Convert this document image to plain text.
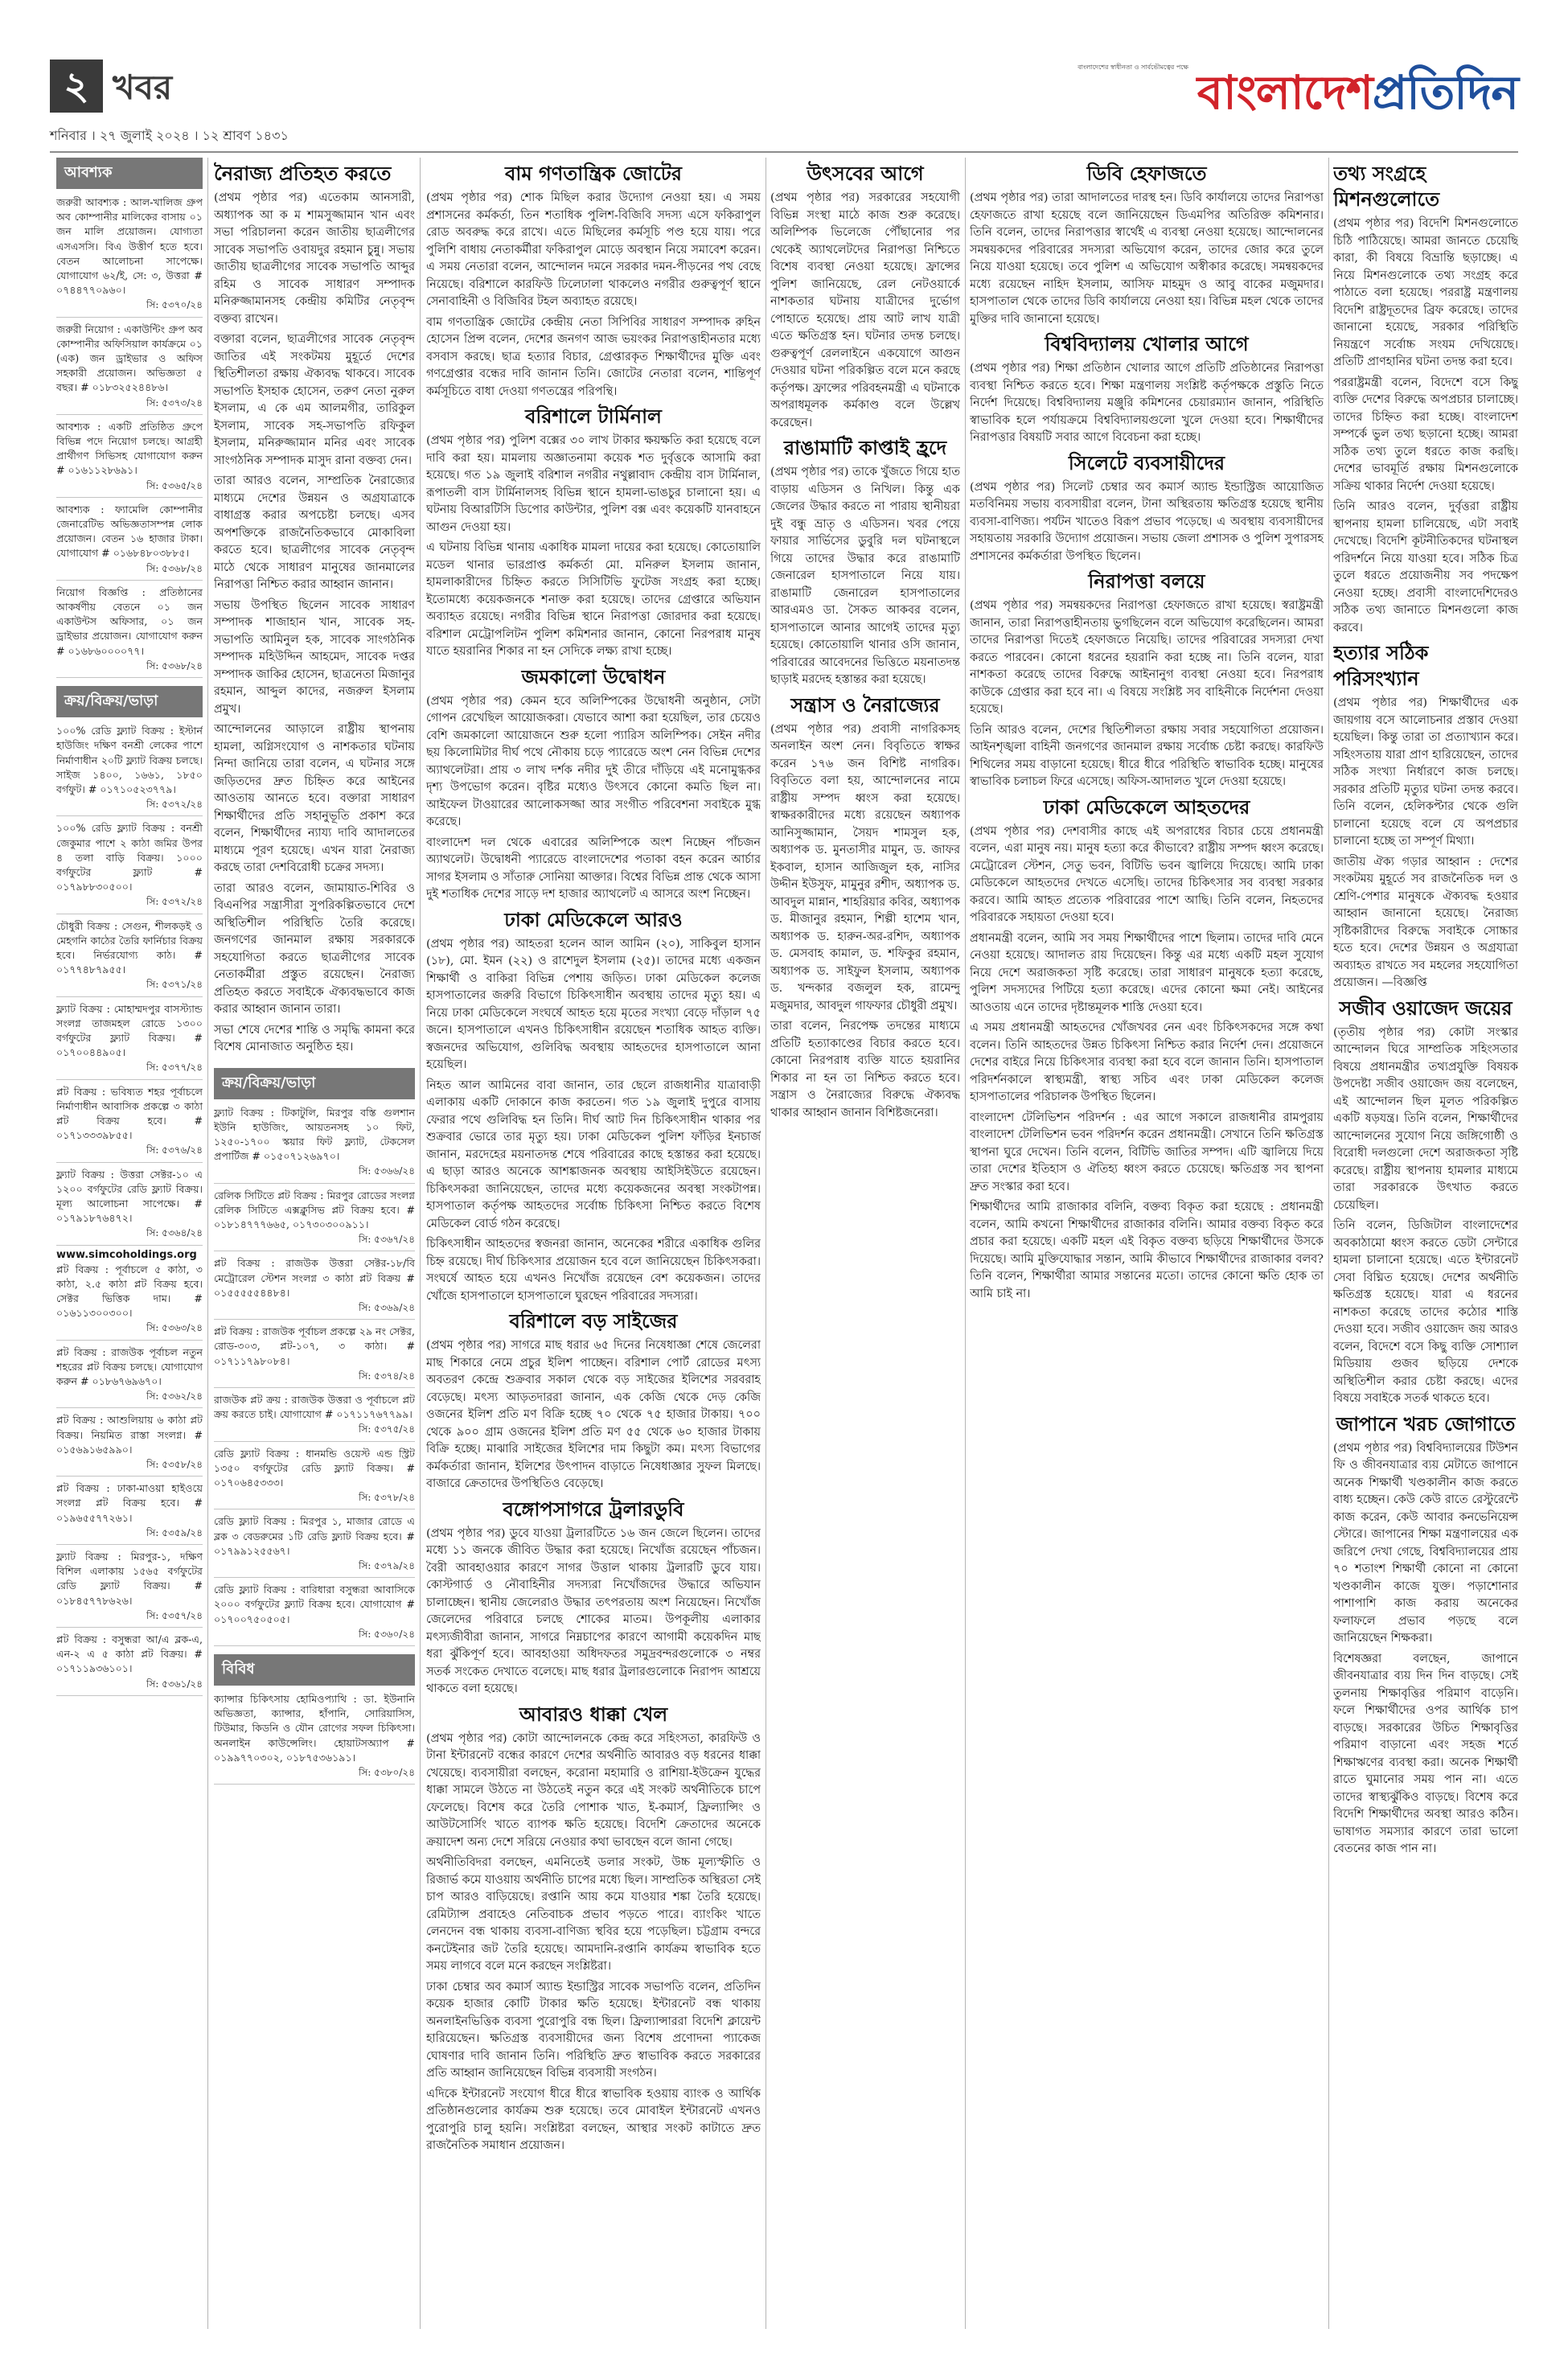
২ খবর
শনিবার । ২৭ জুলাই ২০২৪ । ১২ শ্রাবণ ১৪৩১
বাংলাদেশের স্বাধীনতা ও সার্বভৌমত্বের পক্ষে বাংলাদেশপ্রতিদিন
আবশ্যক
জরুরী আবশ্যক : আল-খালিজ গ্রুপ অব কোম্পানীর মালিকের বাসায় ০১ জন মালি প্রয়োজন। যোগ্যতা এসএসসি। বিএ উত্তীর্ণ হতে হবে। বেতন আলোচনা সাপেক্ষে। যোগাযোগ ৬২/ই, সে: ৩, উত্তরা # ০৭৪৪৭৭০৯৬০।
সি: ৫৩৭০/২৪
জরুরী নিয়োগ : একাউন্টিং গ্রুপ অব কোম্পানীর অফিসিয়াল কার্যক্রমে ০১ (এক) জন ড্রাইভার ও অফিস সহকারী প্রয়োজন। অভিজ্ঞতা ৫ বছর। # ০১৮৩২৫২৪৪৮৬।
সি: ৫৩৭৩/২৪
আবশ্যক : একটি প্রতিষ্ঠিত গ্রুপে বিভিন্ন পদে নিয়োগ চলছে। আগ্রহী প্রার্থীগণ সিভিসহ যোগাযোগ করুন # ০১৬১১২৮৬৯১।
সি: ৫৩৬৫/২৪
আবশ্যক : ফ্যামেলি কোম্পানীর জেনারেটিভ অভিজ্ঞতাসম্পন্ন লোক প্রয়োজন। বেতন ১৬ হাজার টাকা। যোগাযোগ # ০১৬৮৪৮০৩৮৮৫।
সি: ৫৩৬৮/২৪
নিয়োগ বিজ্ঞপ্তি : প্রতিষ্ঠানের আকর্ষণীয় বেতনে ০১ জন একাউন্টস অফিসার, ০১ জন ড্রাইভার প্রয়োজন। যোগাযোগ করুন # ০১৬৮৬০০০০৭৭।
সি: ৫৩৬৮/২৪
ক্রয়/বিক্রয়/ভাড়া
১০০% রেডি ফ্ল্যাট বিক্রয় : ইস্টার্ন হাউজিং দক্ষিণ বনশ্রী লেকের পাশে নির্মাণাধীন ২০টি ফ্ল্যাট বিক্রয় চলছে। সাইজ ১৪০০, ১৬৬১, ১৮৫০ বর্গফুট। # ০১৭১০৫২৩৭৭৯।
সি: ৫৩৭২/২৪
১০০% রেডি ফ্ল্যাট বিক্রয় : বনশ্রী জেকুমার পাশে ২ কাঠা জমির উপর ৪ তলা বাড়ি বিক্রয়। ১০০০ বর্গফুটের ফ্ল্যাট # ০১৭৯৮৮৩০৫০০।
সি: ৫৩৭২/২৪
চৌধুরী বিক্রয় : সেগুন, শীলকড়ই ও মেহগনি কাঠের তৈরি ফার্নিচার বিক্রয় হবে। নির্ভরযোগ্য কাঠ। # ০১৭৭৪৮৭৯৫৫।
সি: ৫৩৭১/২৪
ফ্ল্যাট বিক্রয় : মোহাম্মদপুর বাসস্ট্যান্ড সংলগ্ন তাজমহল রোডে ১৩০০ বর্গফুটের ফ্ল্যাট বিক্রয়। # ০১৭০০৪৪৯০৫।
সি: ৫৩৭৭/২৪
প্লট বিক্রয় : ভবিষ্যত শহর পূর্বাচলে নির্মাণাধীন আবাসিক প্রকল্পে ৩ কাঠা প্লট বিক্রয় হবে। # ০১৭১৩৩৩৯৮৫৫।
সি: ৫৩৭৬/২৪
ফ্ল্যাট বিক্রয় : উত্তরা সেক্টর-১০ এ ১২০০ বর্গফুটের রেডি ফ্ল্যাট বিক্রয়। মূল্য আলোচনা সাপেক্ষে। # ০১৭৯১৮৭৬৪৭২।
সি: ৫৩৬৪/২৪
www.simcoholdings.org
প্লট বিক্রয় : পূর্বাচলে ৫ কাঠা, ৩ কাঠা, ২.৫ কাঠা প্লট বিক্রয় হবে। সেক্টর ভিত্তিক দাম। # ০১৬১১৩০০৩০০।
সি: ৫৩৬৩/২৪
প্লট বিক্রয় : রাজউক পূর্বাচল নতুন শহরের প্লট বিক্রয় চলছে। যোগাযোগ করুন # ০১৮৬৭৬৯৬৭০।
সি: ৫৩৬২/২৪
প্লট বিক্রয় : আশুলিয়ায় ৬ কাঠা প্লট বিক্রয়। নিয়মিত রাস্তা সংলগ্ন। # ০১৫৬৯১৬৫৯৯০।
সি: ৫৩৫৮/২৪
প্লট বিক্রয় : ঢাকা-মাওয়া হাইওয়ে সংলগ্ন প্লট বিক্রয় হবে। # ০১৯৬৫৫৭৭২৬১।
সি: ৫৩৫৯/২৪
ফ্ল্যাট বিক্রয় : মিরপুর-১, দক্ষিণ বিশিল এলাকায় ১৫৬৫ বর্গফুটের রেডি ফ্ল্যাট বিক্রয়। # ০১৮৪৫৭৭৮৬২৬।
সি: ৫৩৫৭/২৪
প্লট বিক্রয় : বসুন্ধরা আ/এ ব্লক-এ, এন-২ এ ৫ কাঠা প্লট বিক্রয়। # ০১৭১১৯৩৬১০১।
সি: ৫৩৬১/২৪
নৈরাজ্য প্রতিহত করতে

(প্রথম পৃষ্ঠার পর) এতেকাম আনসারী, অধ্যাপক আ ক ম শামসুজ্জামান খান এবং সভা পরিচালনা করেন জাতীয় ছাত্রলীগের সাবেক সভাপতি ওবায়দুর রহমান চুন্নু। সভায় জাতীয় ছাত্রলীগের সাবেক সভাপতি আব্দুর রহিম ও সাবেক সাধারণ সম্পাদক মনিরুজ্জামানসহ কেন্দ্রীয় কমিটির নেতৃবৃন্দ বক্তব্য রাখেন।

বক্তারা বলেন, ছাত্রলীগের সাবেক নেতৃবৃন্দ জাতির এই সংকটময় মুহূর্তে দেশের স্থিতিশীলতা রক্ষায় ঐক্যবদ্ধ থাকবে। সাবেক সভাপতি ইসহাক হোসেন, তরুণ নেতা নুরুল ইসলাম, এ কে এম আলমগীর, তারিকুল ইসলাম, সাবেক সহ-সভাপতি রফিকুল ইসলাম, মনিরুজ্জামান মনির এবং সাবেক সাংগঠনিক সম্পাদক মাসুদ রানা বক্তব্য দেন।

তারা আরও বলেন, সাম্প্রতিক নৈরাজ্যের মাধ্যমে দেশের উন্নয়ন ও অগ্রযাত্রাকে বাধাগ্রস্ত করার অপচেষ্টা চলছে। এসব অপশক্তিকে রাজনৈতিকভাবে মোকাবিলা করতে হবে। ছাত্রলীগের সাবেক নেতৃবৃন্দ মাঠে থেকে সাধারণ মানুষের জানমালের নিরাপত্তা নিশ্চিত করার আহ্বান জানান।

সভায় উপস্থিত ছিলেন সাবেক সাধারণ সম্পাদক শাজাহান খান, সাবেক সহ-সভাপতি আমিনুল হক, সাবেক সাংগঠনিক সম্পাদক মহিউদ্দিন আহমেদ, সাবেক দপ্তর সম্পাদক জাকির হোসেন, ছাত্রনেতা মিজানুর রহমান, আব্দুল কাদের, নজরুল ইসলাম প্রমুখ।

আন্দোলনের আড়ালে রাষ্ট্রীয় স্থাপনায় হামলা, অগ্নিসংযোগ ও নাশকতার ঘটনায় নিন্দা জানিয়ে তারা বলেন, এ ঘটনার সঙ্গে জড়িতদের দ্রুত চিহ্নিত করে আইনের আওতায় আনতে হবে। বক্তারা সাধারণ শিক্ষার্থীদের প্রতি সহানুভূতি প্রকাশ করে বলেন, শিক্ষার্থীদের ন্যায্য দাবি আদালতের মাধ্যমে পূরণ হয়েছে। এখন যারা নৈরাজ্য করছে তারা দেশবিরোধী চক্রের সদস্য।

তারা আরও বলেন, জামায়াত-শিবির ও বিএনপির সন্ত্রাসীরা সুপরিকল্পিতভাবে দেশে অস্থিতিশীল পরিস্থিতি তৈরি করেছে। জনগণের জানমাল রক্ষায় সরকারকে সহযোগিতা করতে ছাত্রলীগের সাবেক নেতাকর্মীরা প্রস্তুত রয়েছেন। নৈরাজ্য প্রতিহত করতে সবাইকে ঐক্যবদ্ধভাবে কাজ করার আহ্বান জানান তারা।

সভা শেষে দেশের শান্তি ও সমৃদ্ধি কামনা করে বিশেষ মোনাজাত অনুষ্ঠিত হয়।

ক্রয়/বিক্রয়/ভাড়া
ফ্ল্যাট বিক্রয় : টিকাটুলি, মিরপুর বস্তি গুলশান ইউনি হাউজিং, আয়তনসহ ১০ ফিট, ১২৫০-১৭০০ স্কয়ার ফিট ফ্ল্যাট, টেকসেল প্রপার্টিজ # ০১৫০৭১২৬৯৭০।
সি: ৫৩৬৬/২৪
রেলিক সিটিতে প্লট বিক্রয় : মিরপুর রোডের সংলগ্ন রেলিক সিটিতে এক্সক্লুসিভ প্লট বিক্রয় হবে। # ০১৮১৪৭৭৭৬৬৫, ০১৭৩০৩০০৯১১।
সি: ৫৩৬৭/২৪
প্লট বিক্রয় : রাজউক উত্তরা সেক্টর-১৮/বি মেট্রোরেল স্টেশন সংলগ্ন ৩ কাঠা প্লট বিক্রয় # ০১৫৫৫৫৫৪৪৮৪।
সি: ৫৩৬৯/২৪
প্লট বিক্রয় : রাজউক পূর্বাচল প্রকল্পে ২৯ নং সেক্টর, রোড-৩০৩, প্লট-১০৭, ৩ কাঠা। # ০১৭১১৭৯৮০৮৪।
সি: ৫৩৭৪/২৪
রাজউক প্লট ক্রয় : রাজউক উত্তরা ও পূর্বাচলে প্লট ক্রয় করতে চাই। যোগাযোগ # ০১৭১১৭৬৭৭৯৯।
সি: ৫৩৭৫/২৪
রেডি ফ্ল্যাট বিক্রয় : ধানমন্ডি ওয়েস্ট এন্ড স্ট্রিট ১৩৫০ বর্গফুটের রেডি ফ্ল্যাট বিক্রয়। # ০১৭০৬৪৫৩৩৩।
সি: ৫৩৭৮/২৪
রেডি ফ্ল্যাট বিক্রয় : মিরপুর ১, মাজার রোডে এ ব্লক ৩ বেডরুমের ১টি রেডি ফ্ল্যাট বিক্রয় হবে। # ০১৭৯৯১২৫৫৬৭।
সি: ৫৩৭৯/২৪
রেডি ফ্ল্যাট বিক্রয় : বারিধারা বসুন্ধরা আবাসিকে ২০০০ বর্গফুটের ফ্ল্যাট বিক্রয় হবে। যোগাযোগ # ০১৭০০৭৫০৫০৫।
সি: ৫৩৬০/২৪
বিবিধ
ক্যান্সার চিকিৎসায় হোমিওপ্যাথি : ডা. ইউনানি অভিজ্ঞতা, ক্যান্সার, হাঁপানি, সোরিয়াসিস, টিউমার, কিডনি ও যৌন রোগের সফল চিকিৎসা। অনলাইন কাউন্সেলিং। হোয়াটসঅ্যাপ # ০১৯৯৭৭০৩০২, ০১৮৭৫৩৬১৯১।
সি: ৫৩৮০/২৪
বাম গণতান্ত্রিক জোটের

(প্রথম পৃষ্ঠার পর) শোক মিছিল করার উদ্যোগ নেওয়া হয়। এ সময় প্রশাসনের কর্মকর্তা, তিন শতাধিক পুলিশ-বিজিবি সদস্য এসে ফকিরাপুল রোড অবরুদ্ধ করে রাখে। এতে মিছিলের কর্মসূচি পণ্ড হয়ে যায়। পরে পুলিশি বাধায় নেতাকর্মীরা ফকিরাপুল মোড়ে অবস্থান নিয়ে সমাবেশ করেন। এ সময় নেতারা বলেন, আন্দোলন দমনে সরকার দমন-পীড়নের পথ বেছে নিয়েছে। বরিশালে কারফিউ ঢিলেঢালা থাকলেও নগরীর গুরুত্বপূর্ণ স্থানে সেনাবাহিনী ও বিজিবির টহল অব্যাহত রয়েছে।

বাম গণতান্ত্রিক জোটের কেন্দ্রীয় নেতা সিপিবির সাধারণ সম্পাদক রুহিন হোসেন প্রিন্স বলেন, দেশের জনগণ আজ ভয়ংকর নিরাপত্তাহীনতার মধ্যে বসবাস করছে। ছাত্র হত্যার বিচার, গ্রেপ্তারকৃত শিক্ষার্থীদের মুক্তি এবং গণগ্রেপ্তার বন্ধের দাবি জানান তিনি। জোটের নেতারা বলেন, শান্তিপূর্ণ কর্মসূচিতে বাধা দেওয়া গণতন্ত্রের পরিপন্থি।

বরিশালে টার্মিনাল

(প্রথম পৃষ্ঠার পর) পুলিশ বক্সের ৩০ লাখ টাকার ক্ষয়ক্ষতি করা হয়েছে বলে দাবি করা হয়। মামলায় অজ্ঞাতনামা কয়েক শত দুর্বৃত্তকে আসামি করা হয়েছে। গত ১৯ জুলাই বরিশাল নগরীর নথুল্লাবাদ কেন্দ্রীয় বাস টার্মিনাল, রূপাতলী বাস টার্মিনালসহ বিভিন্ন স্থানে হামলা-ভাঙচুর চালানো হয়। এ ঘটনায় বিআরটিসি ডিপোর কাউন্টার, পুলিশ বক্স এবং কয়েকটি যানবাহনে আগুন দেওয়া হয়।

এ ঘটনায় বিভিন্ন থানায় একাধিক মামলা দায়ের করা হয়েছে। কোতোয়ালি মডেল থানার ভারপ্রাপ্ত কর্মকর্তা মো. মনিরুল ইসলাম জানান, হামলাকারীদের চিহ্নিত করতে সিসিটিভি ফুটেজ সংগ্রহ করা হচ্ছে। ইতোমধ্যে কয়েকজনকে শনাক্ত করা হয়েছে। তাদের গ্রেপ্তারে অভিযান অব্যাহত রয়েছে। নগরীর বিভিন্ন স্থানে নিরাপত্তা জোরদার করা হয়েছে। বরিশাল মেট্রোপলিটন পুলিশ কমিশনার জানান, কোনো নিরপরাধ মানুষ যাতে হয়রানির শিকার না হন সেদিকে লক্ষ্য রাখা হচ্ছে।

জমকালো উদ্বোধন

(প্রথম পৃষ্ঠার পর) কেমন হবে অলিম্পিকের উদ্বোধনী অনুষ্ঠান, সেটা গোপন রেখেছিল আয়োজকরা। যেভাবে আশা করা হয়েছিল, তার চেয়েও বেশি জমকালো আয়োজনে শুরু হলো প্যারিস অলিম্পিক। সেইন নদীর ছয় কিলোমিটার দীর্ঘ পথে নৌকায় চড়ে প্যারেডে অংশ নেন বিভিন্ন দেশের অ্যাথলেটরা। প্রায় ৩ লাখ দর্শক নদীর দুই তীরে দাঁড়িয়ে এই মনোমুগ্ধকর দৃশ্য উপভোগ করেন। বৃষ্টির মধ্যেও উৎসবে কোনো কমতি ছিল না। আইফেল টাওয়ারের আলোকসজ্জা আর সংগীত পরিবেশনা সবাইকে মুগ্ধ করেছে।

বাংলাদেশ দল থেকে এবারের অলিম্পিকে অংশ নিচ্ছেন পাঁচজন অ্যাথলেট। উদ্বোধনী প্যারেডে বাংলাদেশের পতাকা বহন করেন আর্চার সাগর ইসলাম ও সাঁতারু সোনিয়া আক্তার। বিশ্বের বিভিন্ন প্রান্ত থেকে আসা দুই শতাধিক দেশের সাড়ে দশ হাজার অ্যাথলেট এ আসরে অংশ নিচ্ছেন।

ঢাকা মেডিকেলে আরও

(প্রথম পৃষ্ঠার পর) আহতরা হলেন আল আমিন (২০), সাকিবুল হাসান (১৮), মো. ইমন (২২) ও রাশেদুল ইসলাম (২৫)। তাদের মধ্যে একজন শিক্ষার্থী ও বাকিরা বিভিন্ন পেশায় জড়িত। ঢাকা মেডিকেল কলেজ হাসপাতালের জরুরি বিভাগে চিকিৎসাধীন অবস্থায় তাদের মৃত্যু হয়। এ নিয়ে ঢাকা মেডিকেলে সংঘর্ষে আহত হয়ে মৃতের সংখ্যা বেড়ে দাঁড়াল ৭৫ জনে। হাসপাতালে এখনও চিকিৎসাধীন রয়েছেন শতাধিক আহত ব্যক্তি। স্বজনদের অভিযোগ, গুলিবিদ্ধ অবস্থায় আহতদের হাসপাতালে আনা হয়েছিল।

নিহত আল আমিনের বাবা জানান, তার ছেলে রাজধানীর যাত্রাবাড়ী এলাকায় একটি দোকানে কাজ করতেন। গত ১৯ জুলাই দুপুরে বাসায় ফেরার পথে গুলিবিদ্ধ হন তিনি। দীর্ঘ আট দিন চিকিৎসাধীন থাকার পর শুক্রবার ভোরে তার মৃত্যু হয়। ঢাকা মেডিকেল পুলিশ ফাঁড়ির ইনচার্জ জানান, মরদেহের ময়নাতদন্ত শেষে পরিবারের কাছে হস্তান্তর করা হয়েছে। এ ছাড়া আরও অনেকে আশঙ্কাজনক অবস্থায় আইসিইউতে রয়েছেন। চিকিৎসকরা জানিয়েছেন, তাদের মধ্যে কয়েকজনের অবস্থা সংকটাপন্ন। হাসপাতাল কর্তৃপক্ষ আহতদের সর্বোচ্চ চিকিৎসা নিশ্চিত করতে বিশেষ মেডিকেল বোর্ড গঠন করেছে।

চিকিৎসাধীন আহতদের স্বজনরা জানান, অনেকের শরীরে একাধিক গুলির চিহ্ন রয়েছে। দীর্ঘ চিকিৎসার প্রয়োজন হবে বলে জানিয়েছেন চিকিৎসকরা। সংঘর্ষে আহত হয়ে এখনও নিখোঁজ রয়েছেন বেশ কয়েকজন। তাদের খোঁজে হাসপাতালে হাসপাতালে ঘুরছেন পরিবারের সদস্যরা।

বরিশালে বড় সাইজের

(প্রথম পৃষ্ঠার পর) সাগরে মাছ ধরার ৬৫ দিনের নিষেধাজ্ঞা শেষে জেলেরা মাছ শিকারে নেমে প্রচুর ইলিশ পাচ্ছেন। বরিশাল পোর্ট রোডের মৎস্য অবতরণ কেন্দ্রে শুক্রবার সকাল থেকে বড় সাইজের ইলিশের সরবরাহ বেড়েছে। মৎস্য আড়তদাররা জানান, এক কেজি থেকে দেড় কেজি ওজনের ইলিশ প্রতি মণ বিক্রি হচ্ছে ৭০ থেকে ৭৫ হাজার টাকায়। ৭০০ থেকে ৯০০ গ্রাম ওজনের ইলিশ প্রতি মণ ৫৫ থেকে ৬০ হাজার টাকায় বিক্রি হচ্ছে। মাঝারি সাইজের ইলিশের দাম কিছুটা কম। মৎস্য বিভাগের কর্মকর্তারা জানান, ইলিশের উৎপাদন বাড়াতে নিষেধাজ্ঞার সুফল মিলছে। বাজারে ক্রেতাদের উপস্থিতিও বেড়েছে।

বঙ্গোপসাগরে ট্রলারডুবি

(প্রথম পৃষ্ঠার পর) ডুবে যাওয়া ট্রলারটিতে ১৬ জন জেলে ছিলেন। তাদের মধ্যে ১১ জনকে জীবিত উদ্ধার করা হয়েছে। নিখোঁজ রয়েছেন পাঁচজন। বৈরী আবহাওয়ার কারণে সাগর উত্তাল থাকায় ট্রলারটি ডুবে যায়। কোস্টগার্ড ও নৌবাহিনীর সদস্যরা নিখোঁজদের উদ্ধারে অভিযান চালাচ্ছেন। স্থানীয় জেলেরাও উদ্ধার তৎপরতায় অংশ নিয়েছেন। নিখোঁজ জেলেদের পরিবারে চলছে শোকের মাতম। উপকূলীয় এলাকার মৎস্যজীবীরা জানান, সাগরে নিম্নচাপের কারণে আগামী কয়েকদিন মাছ ধরা ঝুঁকিপূর্ণ হবে। আবহাওয়া অধিদফতর সমুদ্রবন্দরগুলোকে ৩ নম্বর সতর্ক সংকেত দেখাতে বলেছে। মাছ ধরার ট্রলারগুলোকে নিরাপদ আশ্রয়ে থাকতে বলা হয়েছে।

আবারও ধাক্কা খেল

(প্রথম পৃষ্ঠার পর) কোটা আন্দোলনকে কেন্দ্র করে সহিংসতা, কারফিউ ও টানা ইন্টারনেট বন্ধের কারণে দেশের অর্থনীতি আবারও বড় ধরনের ধাক্কা খেয়েছে। ব্যবসায়ীরা বলছেন, করোনা মহামারি ও রাশিয়া-ইউক্রেন যুদ্ধের ধাক্কা সামলে উঠতে না উঠতেই নতুন করে এই সংকট অর্থনীতিকে চাপে ফেলেছে। বিশেষ করে তৈরি পোশাক খাত, ই-কমার্স, ফ্রিল্যান্সিং ও আউটসোর্সিং খাতে ব্যাপক ক্ষতি হয়েছে। বিদেশি ক্রেতাদের অনেকে ক্রয়াদেশ অন্য দেশে সরিয়ে নেওয়ার কথা ভাবছেন বলে জানা গেছে।

অর্থনীতিবিদরা বলছেন, এমনিতেই ডলার সংকট, উচ্চ মূল্যস্ফীতি ও রিজার্ভ কমে যাওয়ায় অর্থনীতি চাপের মধ্যে ছিল। সাম্প্রতিক অস্থিরতা সেই চাপ আরও বাড়িয়েছে। রপ্তানি আয় কমে যাওয়ার শঙ্কা তৈরি হয়েছে। রেমিট্যান্স প্রবাহেও নেতিবাচক প্রভাব পড়তে পারে। ব্যাংকিং খাতে লেনদেন বন্ধ থাকায় ব্যবসা-বাণিজ্য স্থবির হয়ে পড়েছিল। চট্টগ্রাম বন্দরে কনটেইনার জট তৈরি হয়েছে। আমদানি-রপ্তানি কার্যক্রম স্বাভাবিক হতে সময় লাগবে বলে মনে করছেন সংশ্লিষ্টরা।

ঢাকা চেম্বার অব কমার্স অ্যান্ড ইন্ডাস্ট্রির সাবেক সভাপতি বলেন, প্রতিদিন কয়েক হাজার কোটি টাকার ক্ষতি হয়েছে। ইন্টারনেট বন্ধ থাকায় অনলাইনভিত্তিক ব্যবসা পুরোপুরি বন্ধ ছিল। ফ্রিল্যান্সাররা বিদেশি ক্লায়েন্ট হারিয়েছেন। ক্ষতিগ্রস্ত ব্যবসায়ীদের জন্য বিশেষ প্রণোদনা প্যাকেজ ঘোষণার দাবি জানান তিনি। পরিস্থিতি দ্রুত স্বাভাবিক করতে সরকারের প্রতি আহ্বান জানিয়েছেন বিভিন্ন ব্যবসায়ী সংগঠন।

এদিকে ইন্টারনেট সংযোগ ধীরে ধীরে স্বাভাবিক হওয়ায় ব্যাংক ও আর্থিক প্রতিষ্ঠানগুলোর কার্যক্রম শুরু হয়েছে। তবে মোবাইল ইন্টারনেট এখনও পুরোপুরি চালু হয়নি। সংশ্লিষ্টরা বলছেন, আস্থার সংকট কাটাতে দ্রুত রাজনৈতিক সমাধান প্রয়োজন।

উৎসবের আগে

(প্রথম পৃষ্ঠার পর) সরকারের সহযোগী বিভিন্ন সংস্থা মাঠে কাজ শুরু করেছে। অলিম্পিক ভিলেজে পৌঁছানোর পর থেকেই অ্যাথলেটদের নিরাপত্তা নিশ্চিতে বিশেষ ব্যবস্থা নেওয়া হয়েছে। ফ্রান্সের পুলিশ জানিয়েছে, রেল নেটওয়ার্কে নাশকতার ঘটনায় যাত্রীদের দুর্ভোগ পোহাতে হয়েছে। প্রায় আট লাখ যাত্রী এতে ক্ষতিগ্রস্ত হন। ঘটনার তদন্ত চলছে। গুরুত্বপূর্ণ রেললাইনে একযোগে আগুন দেওয়ার ঘটনা পরিকল্পিত বলে মনে করছে কর্তৃপক্ষ। ফ্রান্সের পরিবহনমন্ত্রী এ ঘটনাকে অপরাধমূলক কর্মকাণ্ড বলে উল্লেখ করেছেন।

রাঙামাটি কাপ্তাই হ্রদে

(প্রথম পৃষ্ঠার পর) তাকে খুঁজতে গিয়ে হাত বাড়ায় এডিসন ও নিখিল। কিন্তু এক জেলের উদ্ধার করতে না পারায় স্থানীয়রা দুই বন্ধু ভ্রাতৃ ও এডিসন। খবর পেয়ে ফায়ার সার্ভিসের ডুবুরি দল ঘটনাস্থলে গিয়ে তাদের উদ্ধার করে রাঙামাটি জেনারেল হাসপাতালে নিয়ে যায়। রাঙামাটি জেনারেল হাসপাতালের আরএমও ডা. সৈকত আকবর বলেন, হাসপাতালে আনার আগেই তাদের মৃত্যু হয়েছে। কোতোয়ালি থানার ওসি জানান, পরিবারের আবেদনের ভিত্তিতে ময়নাতদন্ত ছাড়াই মরদেহ হস্তান্তর করা হয়েছে।

সন্ত্রাস ও নৈরাজ্যের

(প্রথম পৃষ্ঠার পর) প্রবাসী নাগরিকসহ অনলাইন অংশ নেন। বিবৃতিতে স্বাক্ষর করেন ১৭৬ জন বিশিষ্ট নাগরিক। বিবৃতিতে বলা হয়, আন্দোলনের নামে রাষ্ট্রীয় সম্পদ ধ্বংস করা হয়েছে। স্বাক্ষরকারীদের মধ্যে রয়েছেন অধ্যাপক আনিসুজ্জামান, সৈয়দ শামসুল হক, অধ্যাপক ড. মুনতাসীর মামুন, ড. জাফর ইকবাল, হাসান আজিজুল হক, নাসির উদ্দীন ইউসুফ, মামুনুর রশীদ, অধ্যাপক ড. আবদুল মান্নান, শাহরিয়ার কবির, অধ্যাপক ড. মীজানুর রহমান, শিল্পী হাশেম খান, অধ্যাপক ড. হারুন-অর-রশিদ, অধ্যাপক ড. মেসবাহ কামাল, ড. শফিকুর রহমান, অধ্যাপক ড. সাইফুল ইসলাম, অধ্যাপক ড. খন্দকার বজলুল হক, রামেন্দু মজুমদার, আবদুল গাফফার চৌধুরী প্রমুখ।

তারা বলেন, নিরপেক্ষ তদন্তের মাধ্যমে প্রতিটি হত্যাকাণ্ডের বিচার করতে হবে। কোনো নিরপরাধ ব্যক্তি যাতে হয়রানির শিকার না হন তা নিশ্চিত করতে হবে। সন্ত্রাস ও নৈরাজ্যের বিরুদ্ধে ঐক্যবদ্ধ থাকার আহ্বান জানান বিশিষ্টজনেরা।

ডিবি হেফাজতে

(প্রথম পৃষ্ঠার পর) তারা আদালতের দারস্থ হন। ডিবি কার্যালয়ে তাদের নিরাপত্তা হেফাজতে রাখা হয়েছে বলে জানিয়েছেন ডিএমপির অতিরিক্ত কমিশনার। তিনি বলেন, তাদের নিরাপত্তার স্বার্থেই এ ব্যবস্থা নেওয়া হয়েছে। আন্দোলনের সমন্বয়কদের পরিবারের সদস্যরা অভিযোগ করেন, তাদের জোর করে তুলে নিয়ে যাওয়া হয়েছে। তবে পুলিশ এ অভিযোগ অস্বীকার করেছে। সমন্বয়কদের মধ্যে রয়েছেন নাহিদ ইসলাম, আসিফ মাহমুদ ও আবু বাকের মজুমদার। হাসপাতাল থেকে তাদের ডিবি কার্যালয়ে নেওয়া হয়। বিভিন্ন মহল থেকে তাদের মুক্তির দাবি জানানো হয়েছে।

বিশ্ববিদ্যালয় খোলার আগে

(প্রথম পৃষ্ঠার পর) শিক্ষা প্রতিষ্ঠান খোলার আগে প্রতিটি প্রতিষ্ঠানের নিরাপত্তা ব্যবস্থা নিশ্চিত করতে হবে। শিক্ষা মন্ত্রণালয় সংশ্লিষ্ট কর্তৃপক্ষকে প্রস্তুতি নিতে নির্দেশ দিয়েছে। বিশ্ববিদ্যালয় মঞ্জুরি কমিশনের চেয়ারম্যান জানান, পরিস্থিতি স্বাভাবিক হলে পর্যায়ক্রমে বিশ্ববিদ্যালয়গুলো খুলে দেওয়া হবে। শিক্ষার্থীদের নিরাপত্তার বিষয়টি সবার আগে বিবেচনা করা হচ্ছে।

সিলেটে ব্যবসায়ীদের

(প্রথম পৃষ্ঠার পর) সিলেট চেম্বার অব কমার্স অ্যান্ড ইন্ডাস্ট্রিজ আয়োজিত মতবিনিময় সভায় ব্যবসায়ীরা বলেন, টানা অস্থিরতায় ক্ষতিগ্রস্ত হয়েছে স্থানীয় ব্যবসা-বাণিজ্য। পর্যটন খাতেও বিরূপ প্রভাব পড়েছে। এ অবস্থায় ব্যবসায়ীদের সহায়তায় সরকারি উদ্যোগ প্রয়োজন। সভায় জেলা প্রশাসক ও পুলিশ সুপারসহ প্রশাসনের কর্মকর্তারা উপস্থিত ছিলেন।

নিরাপত্তা বলয়ে

(প্রথম পৃষ্ঠার পর) সমন্বয়কদের নিরাপত্তা হেফাজতে রাখা হয়েছে। স্বরাষ্ট্রমন্ত্রী জানান, তারা নিরাপত্তাহীনতায় ভুগছিলেন বলে অভিযোগ করেছিলেন। আমরা তাদের নিরাপত্তা দিতেই হেফাজতে নিয়েছি। তাদের পরিবারের সদস্যরা দেখা করতে পারবেন। কোনো ধরনের হয়রানি করা হচ্ছে না। তিনি বলেন, যারা নাশকতা করেছে তাদের বিরুদ্ধে আইনানুগ ব্যবস্থা নেওয়া হবে। নিরপরাধ কাউকে গ্রেপ্তার করা হবে না। এ বিষয়ে সংশ্লিষ্ট সব বাহিনীকে নির্দেশনা দেওয়া হয়েছে।

তিনি আরও বলেন, দেশের স্থিতিশীলতা রক্ষায় সবার সহযোগিতা প্রয়োজন। আইনশৃঙ্খলা বাহিনী জনগণের জানমাল রক্ষায় সর্বোচ্চ চেষ্টা করছে। কারফিউ শিথিলের সময় বাড়ানো হয়েছে। ধীরে ধীরে পরিস্থিতি স্বাভাবিক হচ্ছে। মানুষের স্বাভাবিক চলাচল ফিরে এসেছে। অফিস-আদালত খুলে দেওয়া হয়েছে।

ঢাকা মেডিকেলে আহতদের

(প্রথম পৃষ্ঠার পর) দেশবাসীর কাছে এই অপরাধের বিচার চেয়ে প্রধানমন্ত্রী বলেন, এরা মানুষ নয়। মানুষ হত্যা করে কীভাবে? রাষ্ট্রীয় সম্পদ ধ্বংস করেছে। মেট্রোরেল স্টেশন, সেতু ভবন, বিটিভি ভবন জ্বালিয়ে দিয়েছে। আমি ঢাকা মেডিকেলে আহতদের দেখতে এসেছি। তাদের চিকিৎসার সব ব্যবস্থা সরকার করবে। আমি আহত প্রত্যেক পরিবারের পাশে আছি। তিনি বলেন, নিহতদের পরিবারকে সহায়তা দেওয়া হবে।

প্রধানমন্ত্রী বলেন, আমি সব সময় শিক্ষার্থীদের পাশে ছিলাম। তাদের দাবি মেনে নেওয়া হয়েছে। আদালত রায় দিয়েছেন। কিন্তু এর মধ্যে একটি মহল সুযোগ নিয়ে দেশে অরাজকতা সৃষ্টি করেছে। তারা সাধারণ মানুষকে হত্যা করেছে, পুলিশ সদস্যদের পিটিয়ে হত্যা করেছে। এদের কোনো ক্ষমা নেই। আইনের আওতায় এনে তাদের দৃষ্টান্তমূলক শাস্তি দেওয়া হবে।

এ সময় প্রধানমন্ত্রী আহতদের খোঁজখবর নেন এবং চিকিৎসকদের সঙ্গে কথা বলেন। তিনি আহতদের উন্নত চিকিৎসা নিশ্চিত করার নির্দেশ দেন। প্রয়োজনে দেশের বাইরে নিয়ে চিকিৎসার ব্যবস্থা করা হবে বলে জানান তিনি। হাসপাতাল পরিদর্শনকালে স্বাস্থ্যমন্ত্রী, স্বাস্থ্য সচিব এবং ঢাকা মেডিকেল কলেজ হাসপাতালের পরিচালক উপস্থিত ছিলেন।

বাংলাদেশ টেলিভিশন পরিদর্শন : এর আগে সকালে রাজধানীর রামপুরায় বাংলাদেশ টেলিভিশন ভবন পরিদর্শন করেন প্রধানমন্ত্রী। সেখানে তিনি ক্ষতিগ্রস্ত স্থাপনা ঘুরে দেখেন। তিনি বলেন, বিটিভি জাতির সম্পদ। এটি জ্বালিয়ে দিয়ে তারা দেশের ইতিহাস ও ঐতিহ্য ধ্বংস করতে চেয়েছে। ক্ষতিগ্রস্ত সব স্থাপনা দ্রুত সংস্কার করা হবে।

শিক্ষার্থীদের আমি রাজাকার বলিনি, বক্তব্য বিকৃত করা হয়েছে : প্রধানমন্ত্রী বলেন, আমি কখনো শিক্ষার্থীদের রাজাকার বলিনি। আমার বক্তব্য বিকৃত করে প্রচার করা হয়েছে। একটি মহল এই বিকৃত বক্তব্য ছড়িয়ে শিক্ষার্থীদের উসকে দিয়েছে। আমি মুক্তিযোদ্ধার সন্তান, আমি কীভাবে শিক্ষার্থীদের রাজাকার বলব? তিনি বলেন, শিক্ষার্থীরা আমার সন্তানের মতো। তাদের কোনো ক্ষতি হোক তা আমি চাই না।

তথ্য সংগ্রহে মিশনগুলোতে

(প্রথম পৃষ্ঠার পর) বিদেশি মিশনগুলোতে চিঠি পাঠিয়েছে। আমরা জানতে চেয়েছি কারা, কী বিষয়ে বিভ্রান্তি ছড়াচ্ছে। এ নিয়ে মিশনগুলোকে তথ্য সংগ্রহ করে পাঠাতে বলা হয়েছে। পররাষ্ট্র মন্ত্রণালয় বিদেশি রাষ্ট্রদূতদের ব্রিফ করেছে। তাদের জানানো হয়েছে, সরকার পরিস্থিতি নিয়ন্ত্রণে সর্বোচ্চ সংযম দেখিয়েছে। প্রতিটি প্রাণহানির ঘটনা তদন্ত করা হবে।

পররাষ্ট্রমন্ত্রী বলেন, বিদেশে বসে কিছু ব্যক্তি দেশের বিরুদ্ধে অপপ্রচার চালাচ্ছে। তাদের চিহ্নিত করা হচ্ছে। বাংলাদেশ সম্পর্কে ভুল তথ্য ছড়ানো হচ্ছে। আমরা সঠিক তথ্য তুলে ধরতে কাজ করছি। দেশের ভাবমূর্তি রক্ষায় মিশনগুলোকে সক্রিয় থাকার নির্দেশ দেওয়া হয়েছে।

তিনি আরও বলেন, দুর্বৃত্তরা রাষ্ট্রীয় স্থাপনায় হামলা চালিয়েছে, এটা সবাই দেখেছে। বিদেশি কূটনীতিকদের ঘটনাস্থল পরিদর্শনে নিয়ে যাওয়া হবে। সঠিক চিত্র তুলে ধরতে প্রয়োজনীয় সব পদক্ষেপ নেওয়া হচ্ছে। প্রবাসী বাংলাদেশিদেরও সঠিক তথ্য জানাতে মিশনগুলো কাজ করবে।

হত্যার সঠিক পরিসংখ্যান

(প্রথম পৃষ্ঠার পর) শিক্ষার্থীদের এক জায়গায় বসে আলোচনার প্রস্তাব দেওয়া হয়েছিল। কিন্তু তারা তা প্রত্যাখ্যান করে। সহিংসতায় যারা প্রাণ হারিয়েছেন, তাদের সঠিক সংখ্যা নির্ধারণে কাজ চলছে। সরকার প্রতিটি মৃত্যুর ঘটনা তদন্ত করবে। তিনি বলেন, হেলিকপ্টার থেকে গুলি চালানো হয়েছে বলে যে অপপ্রচার চালানো হচ্ছে তা সম্পূর্ণ মিথ্যা।

জাতীয় ঐক্য গড়ার আহ্বান : দেশের সংকটময় মুহূর্তে সব রাজনৈতিক দল ও শ্রেণি-পেশার মানুষকে ঐক্যবদ্ধ হওয়ার আহ্বান জানানো হয়েছে। নৈরাজ্য সৃষ্টিকারীদের বিরুদ্ধে সবাইকে সোচ্চার হতে হবে। দেশের উন্নয়ন ও অগ্রযাত্রা অব্যাহত রাখতে সব মহলের সহযোগিতা প্রয়োজন। —বিজ্ঞপ্তি

সজীব ওয়াজেদ জয়ের

(তৃতীয় পৃষ্ঠার পর) কোটা সংস্কার আন্দোলন ঘিরে সাম্প্রতিক সহিংসতার বিষয়ে প্রধানমন্ত্রীর তথ্যপ্রযুক্তি বিষয়ক উপদেষ্টা সজীব ওয়াজেদ জয় বলেছেন, এই আন্দোলন ছিল মূলত পরিকল্পিত একটি ষড়যন্ত্র। তিনি বলেন, শিক্ষার্থীদের আন্দোলনের সুযোগ নিয়ে জঙ্গিগোষ্ঠী ও বিরোধী দলগুলো দেশে অরাজকতা সৃষ্টি করেছে। রাষ্ট্রীয় স্থাপনায় হামলার মাধ্যমে তারা সরকারকে উৎখাত করতে চেয়েছিল।

তিনি বলেন, ডিজিটাল বাংলাদেশের অবকাঠামো ধ্বংস করতে ডেটা সেন্টারে হামলা চালানো হয়েছে। এতে ইন্টারনেট সেবা বিঘ্নিত হয়েছে। দেশের অর্থনীতি ক্ষতিগ্রস্ত হয়েছে। যারা এ ধরনের নাশকতা করেছে তাদের কঠোর শাস্তি দেওয়া হবে। সজীব ওয়াজেদ জয় আরও বলেন, বিদেশে বসে কিছু ব্যক্তি সোশ্যাল মিডিয়ায় গুজব ছড়িয়ে দেশকে অস্থিতিশীল করার চেষ্টা করছে। এদের বিষয়ে সবাইকে সতর্ক থাকতে হবে।

জাপানে খরচ জোগাতে

(প্রথম পৃষ্ঠার পর) বিশ্ববিদ্যালয়ের টিউশন ফি ও জীবনযাত্রার ব্যয় মেটাতে জাপানে অনেক শিক্ষার্থী খণ্ডকালীন কাজ করতে বাধ্য হচ্ছেন। কেউ কেউ রাতে রেস্টুরেন্টে কাজ করেন, কেউ আবার কনভেনিয়েন্স স্টোরে। জাপানের শিক্ষা মন্ত্রণালয়ের এক জরিপে দেখা গেছে, বিশ্ববিদ্যালয়ের প্রায় ৭০ শতাংশ শিক্ষার্থী কোনো না কোনো খণ্ডকালীন কাজে যুক্ত। পড়াশোনার পাশাপাশি কাজ করায় অনেকের ফলাফলে প্রভাব পড়ছে বলে জানিয়েছেন শিক্ষকরা।

বিশেষজ্ঞরা বলছেন, জাপানে জীবনযাত্রার ব্যয় দিন দিন বাড়ছে। সেই তুলনায় শিক্ষাবৃত্তির পরিমাণ বাড়েনি। ফলে শিক্ষার্থীদের ওপর আর্থিক চাপ বাড়ছে। সরকারের উচিত শিক্ষাবৃত্তির পরিমাণ বাড়ানো এবং সহজ শর্তে শিক্ষাঋণের ব্যবস্থা করা। অনেক শিক্ষার্থী রাতে ঘুমানোর সময় পান না। এতে তাদের স্বাস্থ্যঝুঁকিও বাড়ছে। বিশেষ করে বিদেশি শিক্ষার্থীদের অবস্থা আরও কঠিন। ভাষাগত সমস্যার কারণে তারা ভালো বেতনের কাজ পান না।
